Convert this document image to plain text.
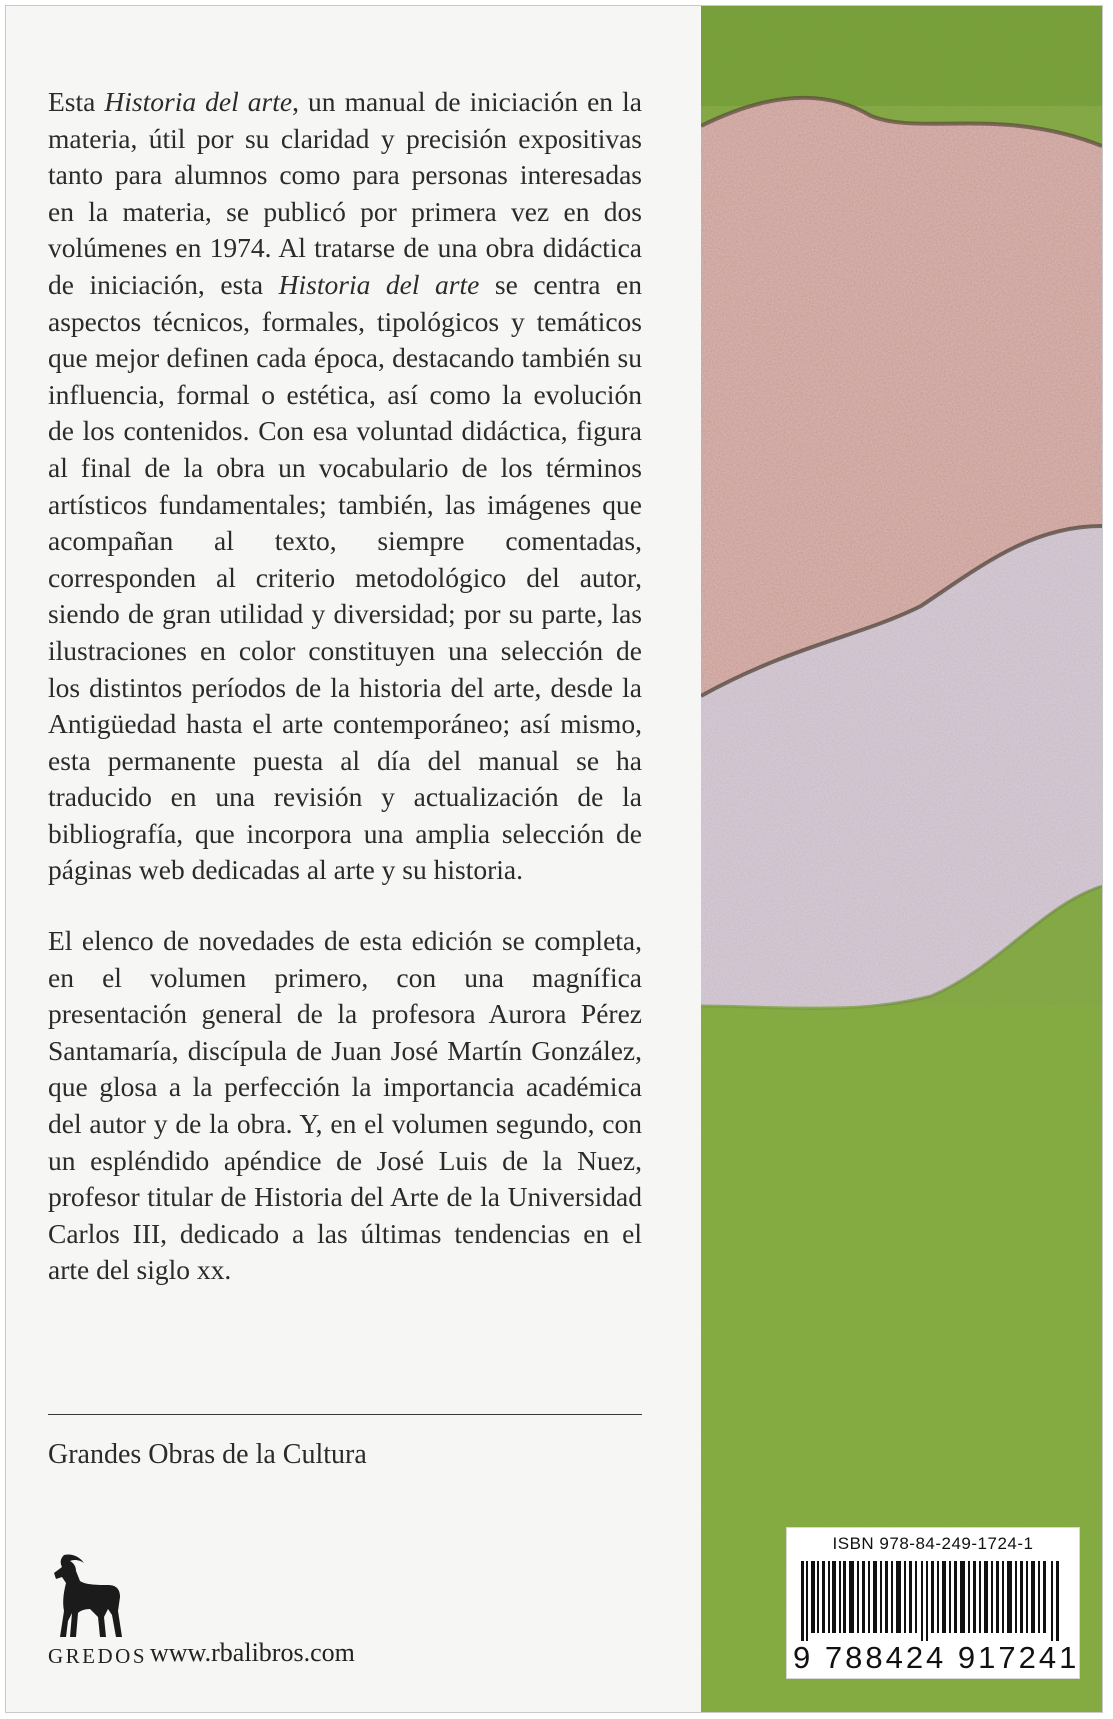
Esta Historia del arte, un manual de iniciación en la materia, útil por su claridad y precisión expositivas tanto para alumnos como para personas interesadas en la materia, se publicó por primera vez en dos volúmenes en 1974. Al tratarse de una obra didáctica de iniciación, esta Historia del arte se centra en aspectos técnicos, formales, tipológicos y temáticos que mejor definen cada época, destacando también su influencia, formal o estética, así como la evolución de los contenidos. Con esa voluntad didáctica, figura al final de la obra un vocabulario de los términos artísticos fundamentales; también, las imágenes que acompañan al texto, siempre comentadas, corresponden al criterio metodológico del autor, siendo de gran utilidad y diversidad; por su parte, las ilustraciones en color constituyen una selección de los distintos períodos de la historia del arte, desde la Antigüedad hasta el arte contemporáneo; así mismo, esta permanente puesta al día del manual se ha traducido en una revisión y actualización de la bibliografía, que incorpora una amplia selección de páginas web dedicadas al arte y su historia.

El elenco de novedades de esta edición se completa, en el volumen primero, con una magnífica presentación general de la profesora Aurora Pérez Santamaría, discípula de Juan José Martín González, que glosa a la perfección la importancia académica del autor y de la obra. Y, en el volumen segundo, con un espléndido apéndice de José Luis de la Nuez, profesor titular de Historia del Arte de la Universidad Carlos III, dedicado a las últimas tendencias en el arte del siglo xx.

Grandes Obras de la Cultura
GREDOS www.rbalibros.com
ISBN 978-84-249-1724-1
9 788424 917241
